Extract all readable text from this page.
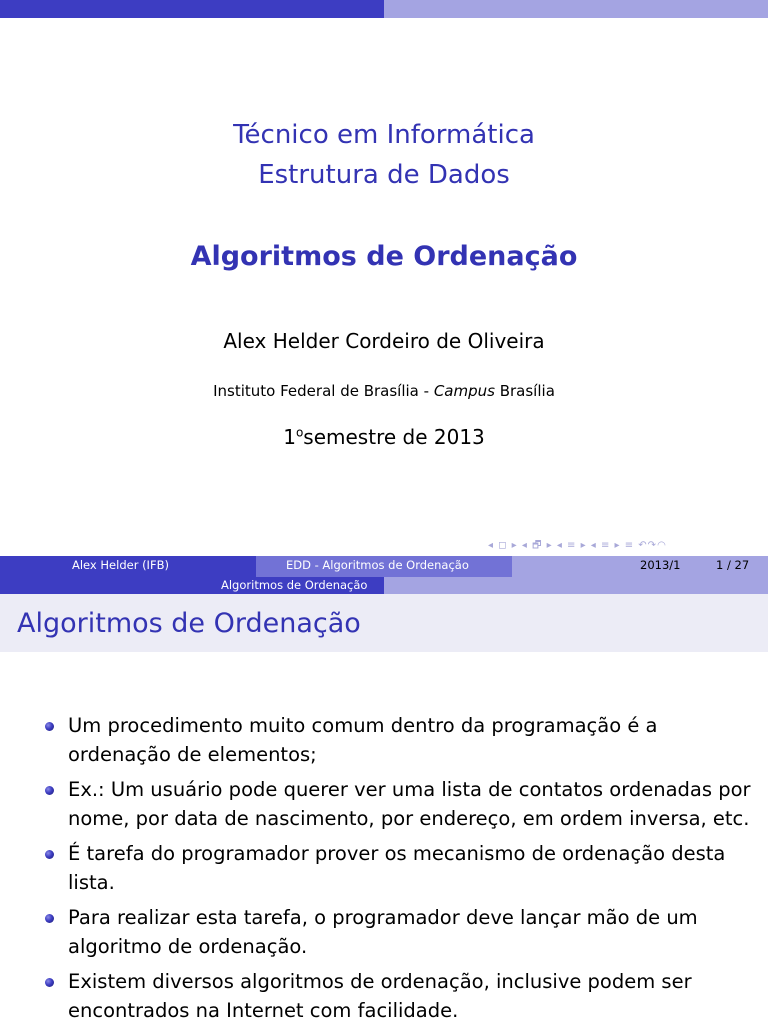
Técnico em Informática
Estrutura de Dados
Algoritmos de Ordenação
Alex Helder Cordeiro de Oliveira
Instituto Federal de Brasília - Campus Brasília
1$^o$semestre de 2013
◂ ◻ ▸ ◂ 🗗 ▸ ◂ ≡ ▸ ◂ ≡ ▸ ≡ ↶↷◠
Alex Helder (IFB)	EDD - Algoritmos de Ordenação	2013/1	1 / 27
Algoritmos de Ordenação
Algoritmos de Ordenação
Um procedimento muito comum dentro da programação é a ordenação de elementos;
Ex.: Um usuário pode querer ver uma lista de contatos ordenadas por nome, por data de nascimento, por endereço, em ordem inversa, etc.
É tarefa do programador prover os mecanismo de ordenação desta lista.
Para realizar esta tarefa, o programador deve lançar mão de um algoritmo de ordenação.
Existem diversos algoritmos de ordenação, inclusive podem ser encontrados na Internet com facilidade.
